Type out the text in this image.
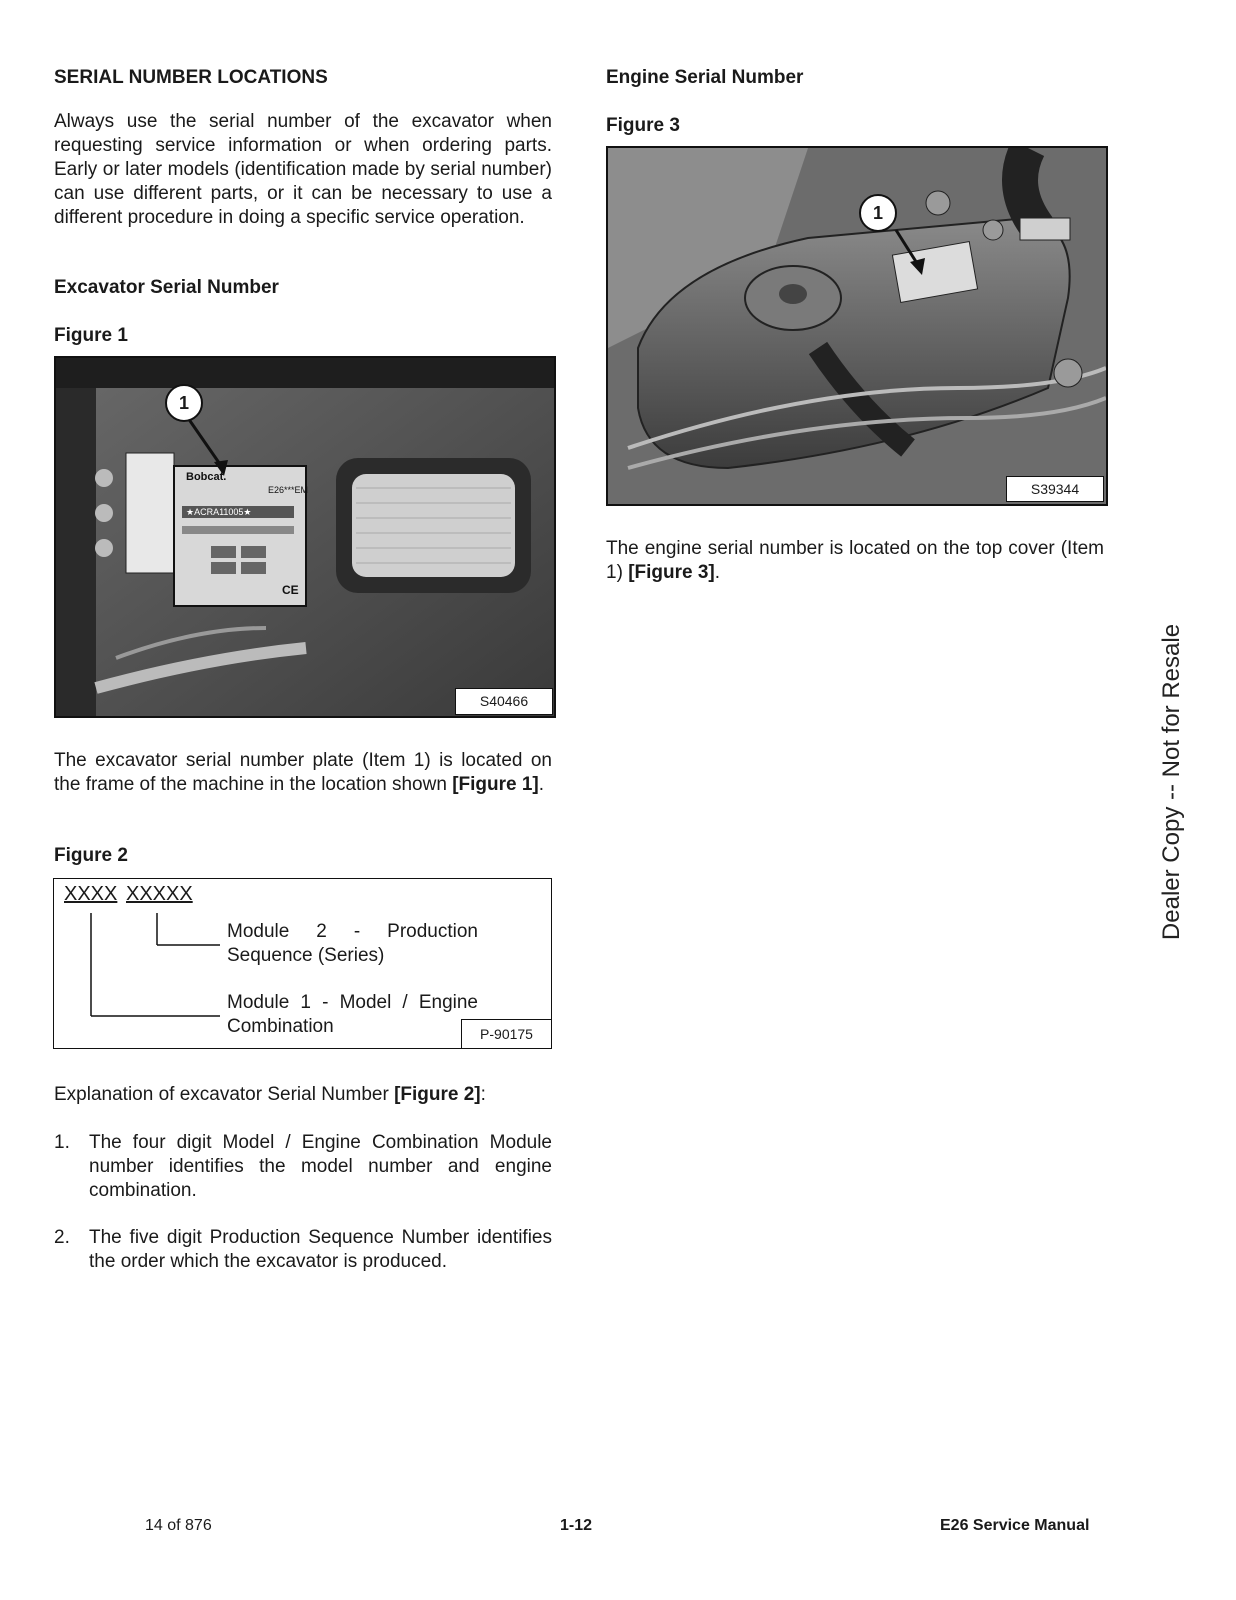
SERIAL NUMBER LOCATIONS
Always use the serial number of the excavator when requesting service information or when ordering parts. Early or later models (identification made by serial number) can use different parts, or it can be necessary to use a different procedure in doing a specific service operation.
Excavator Serial Number
Figure 1
Bobcat.
E26***EM
★ACRA11005★
CE
1
S40466
The excavator serial number plate (Item 1) is located on the frame of the machine in the location shown [Figure 1].
Figure 2
XXXX XXXXX
Module 2 - Production Sequence (Series)
Module 1 - Model / Engine Combination	P-90175
Explanation of excavator Serial Number [Figure 2]:
1. The four digit Model / Engine Combination Module number identifies the model number and engine combination.
2. The five digit Production Sequence Number identifies the order which the excavator is produced.
Engine Serial Number
Figure 3
1
S39344
The engine serial number is located on the top cover (Item 1) [Figure 3].
Dealer Copy -- Not for Resale
14 of 876	1-12	E26 Service Manual
